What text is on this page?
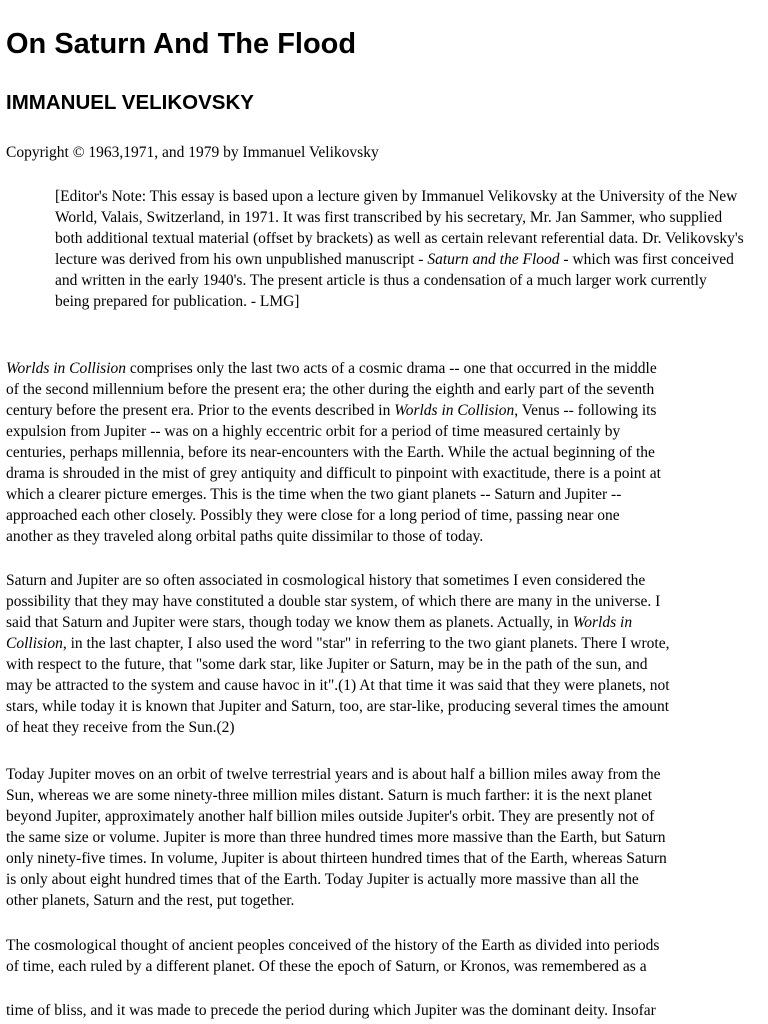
On Saturn And The Flood
IMMANUEL VELIKOVSKY

Copyright © 1963,1971, and 1979 by Immanuel Velikovsky

[Editor's Note: This essay is based upon a lecture given by Immanuel Velikovsky at the University of the New World, Valais, Switzerland, in 1971. It was first transcribed by his secretary, Mr. Jan Sammer, who supplied both additional textual material (offset by brackets) as well as certain relevant referential data. Dr. Velikovsky's lecture was derived from his own unpublished manuscript - Saturn and the Flood - which was first conceived and written in the early 1940's. The present article is thus a condensation of a much larger work currently being prepared for publication. - LMG]

Worlds in Collision comprises only the last two acts of a cosmic drama -- one that occurred in the middle
of the second millennium before the present era; the other during the eighth and early part of the seventh
century before the present era. Prior to the events described in Worlds in Collision, Venus -- following its
expulsion from Jupiter -- was on a highly eccentric orbit for a period of time measured certainly by
centuries, perhaps millennia, before its near-encounters with the Earth. While the actual beginning of the
drama is shrouded in the mist of grey antiquity and difficult to pinpoint with exactitude, there is a point at
which a clearer picture emerges. This is the time when the two giant planets -- Saturn and Jupiter --
approached each other closely. Possibly they were close for a long period of time, passing near one
another as they traveled along orbital paths quite dissimilar to those of today.

Saturn and Jupiter are so often associated in cosmological history that sometimes I even considered the
possibility that they may have constituted a double star system, of which there are many in the universe. I
said that Saturn and Jupiter were stars, though today we know them as planets. Actually, in Worlds in
Collision, in the last chapter, I also used the word "star" in referring to the two giant planets. There I wrote,
with respect to the future, that "some dark star, like Jupiter or Saturn, may be in the path of the sun, and
may be attracted to the system and cause havoc in it".(1) At that time it was said that they were planets, not
stars, while today it is known that Jupiter and Saturn, too, are star-like, producing several times the amount
of heat they receive from the Sun.(2)

Today Jupiter moves on an orbit of twelve terrestrial years and is about half a billion miles away from the
Sun, whereas we are some ninety-three million miles distant. Saturn is much farther: it is the next planet
beyond Jupiter, approximately another half billion miles outside Jupiter's orbit. They are presently not of
the same size or volume. Jupiter is more than three hundred times more massive than the Earth, but Saturn
only ninety-five times. In volume, Jupiter is about thirteen hundred times that of the Earth, whereas Saturn
is only about eight hundred times that of the Earth. Today Jupiter is actually more massive than all the
other planets, Saturn and the rest, put together.

The cosmological thought of ancient peoples conceived of the history of the Earth as divided into periods
of time, each ruled by a different planet. Of these the epoch of Saturn, or Kronos, was remembered as a

time of bliss, and it was made to precede the period during which Jupiter was the dominant deity. Insofar
